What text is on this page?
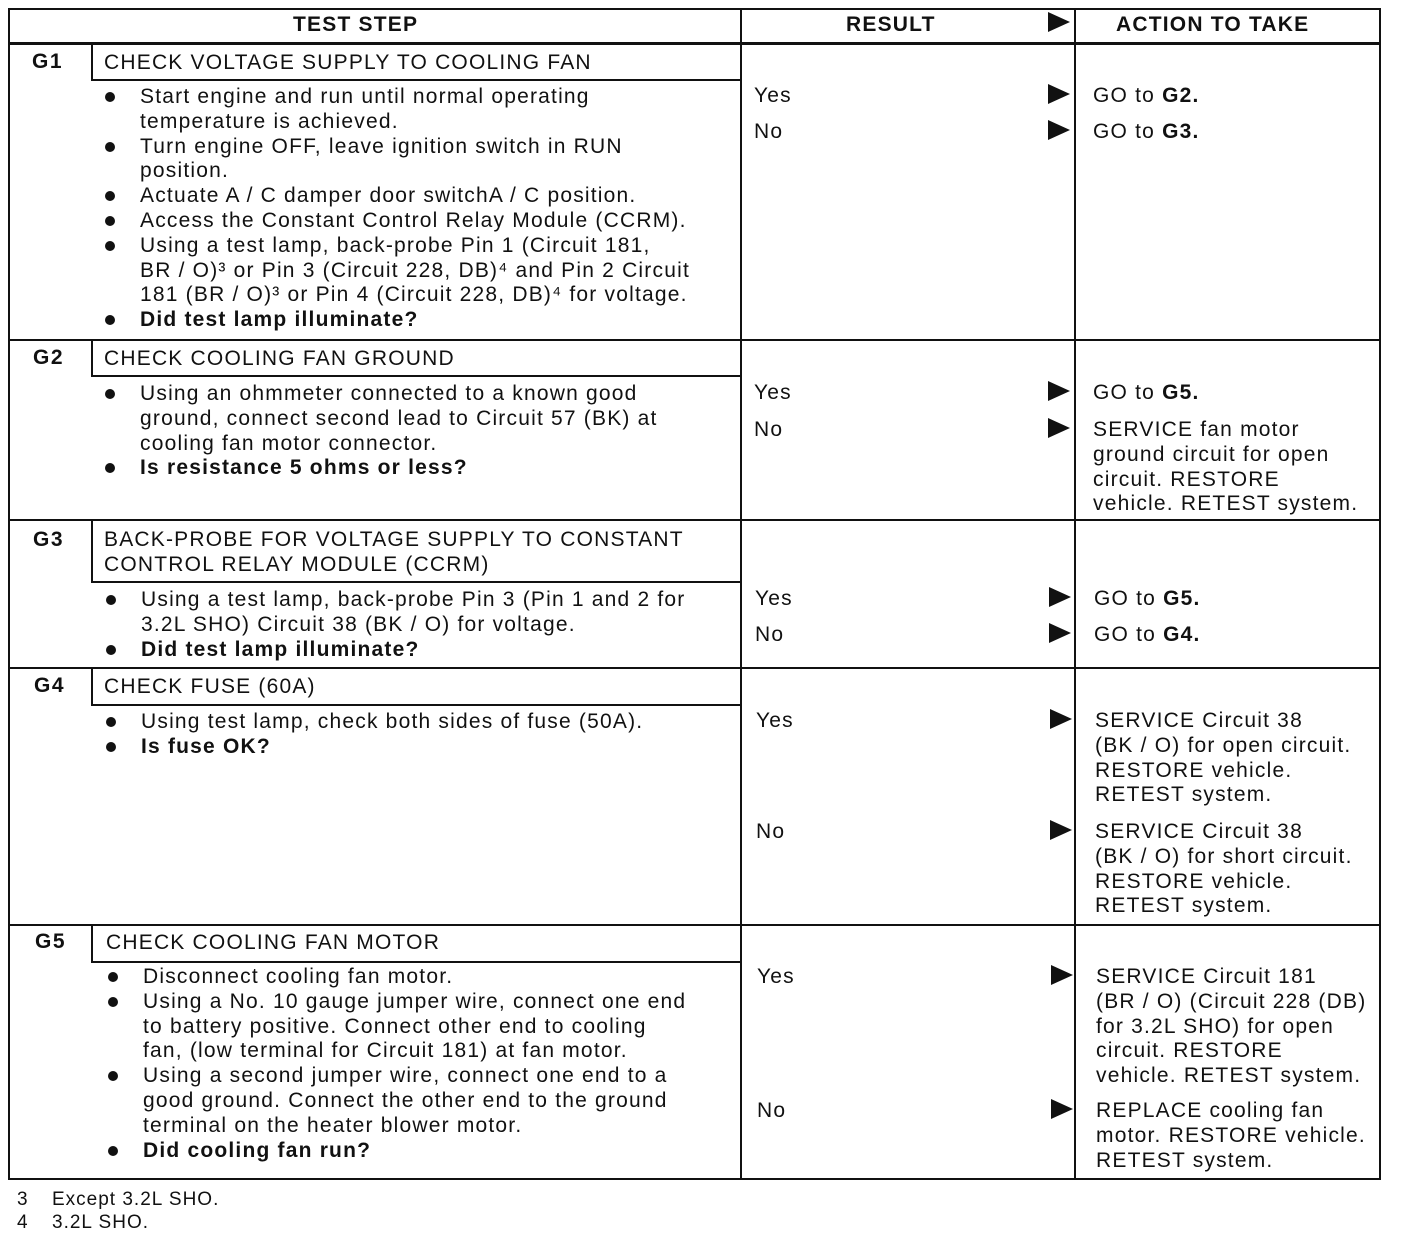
TEST STEP	RESULT	ACTION TO TAKE
G1 CHECK VOLTAGE SUPPLY TO COOLING FAN
Start engine and run until normal operating
temperature is achieved.
Turn engine OFF, leave ignition switch in RUN
position.
Actuate A / C damper door switchA / C position.
Access the Constant Control Relay Module (CCRM).
Using a test lamp, back-probe Pin 1 (Circuit 181,
BR / O)³ or Pin 3 (Circuit 228, DB)⁴ and Pin 2 Circuit
181 (BR / O)³ or Pin 4 (Circuit 228, DB)⁴ for voltage.
Did test lamp illuminate?
Yes	GO to G2.
No	GO to G3.
G2 CHECK COOLING FAN GROUND
Using an ohmmeter connected to a known good
ground, connect second lead to Circuit 57 (BK) at
cooling fan motor connector.
Is resistance 5 ohms or less?
Yes	GO to G5.
No	SERVICE fan motor
ground circuit for open
circuit. RESTORE
vehicle. RETEST system.
G3 BACK-PROBE FOR VOLTAGE SUPPLY TO CONSTANT
CONTROL RELAY MODULE (CCRM)
Using a test lamp, back-probe Pin 3 (Pin 1 and 2 for
3.2L SHO) Circuit 38 (BK / O) for voltage.
Did test lamp illuminate?
Yes	GO to G5.
No	GO to G4.
G4 CHECK FUSE (60A)
Using test lamp, check both sides of fuse (50A).
Is fuse OK?
Yes	SERVICE Circuit 38
(BK / O) for open circuit.
RESTORE vehicle.
RETEST system.
No	SERVICE Circuit 38
(BK / O) for short circuit.
RESTORE vehicle.
RETEST system.
G5 CHECK COOLING FAN MOTOR
Disconnect cooling fan motor.
Using a No. 10 gauge jumper wire, connect one end
to battery positive. Connect other end to cooling
fan, (low terminal for Circuit 181) at fan motor.
Using a second jumper wire, connect one end to a
good ground. Connect the other end to the ground
terminal on the heater blower motor.
Did cooling fan run?
Yes	SERVICE Circuit 181
(BR / O) (Circuit 228 (DB)
for 3.2L SHO) for open
circuit. RESTORE
vehicle. RETEST system.
No	REPLACE cooling fan
motor. RESTORE vehicle.
RETEST system.
3 Except 3.2L SHO.
4 3.2L SHO.
